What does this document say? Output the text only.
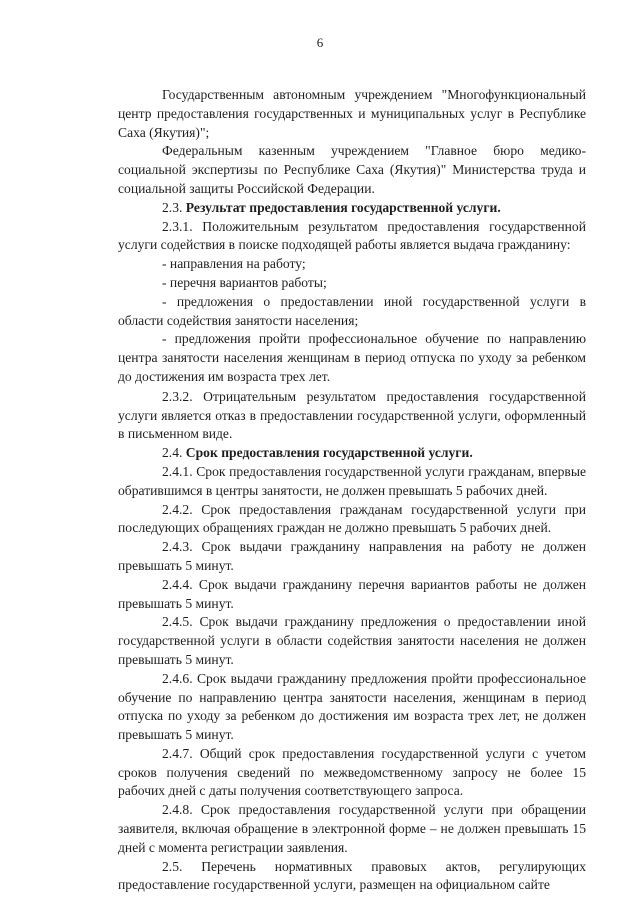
6

Государственным автономным учреждением "Многофункциональный центр предоставления государственных и муниципальных услуг в Республике Саха (Якутия)";

Федеральным казенным учреждением "Главное бюро медико-социальной экспертизы по Республике Саха (Якутия)" Министерства труда и социальной защиты Российской Федерации.

2.3. Результат предоставления государственной услуги.

2.3.1. Положительным результатом предоставления государственной услуги содействия в поиске подходящей работы является выдача гражданину:

- направления на работу;

- перечня вариантов работы;

- предложения о предоставлении иной государственной услуги в области содействия занятости населения;

- предложения пройти профессиональное обучение по направлению центра занятости населения женщинам в период отпуска по уходу за ребенком до достижения им возраста трех лет.

2.3.2. Отрицательным результатом предоставления государственной услуги является отказ в предоставлении государственной услуги, оформленный в письменном виде.

2.4. Срок предоставления государственной услуги.

2.4.1. Срок предоставления государственной услуги гражданам, впервые обратившимся в центры занятости, не должен превышать 5 рабочих дней.

2.4.2. Срок предоставления гражданам государственной услуги при последующих обращениях граждан не должно превышать 5 рабочих дней.

2.4.3. Срок выдачи гражданину направления на работу не должен превышать 5 минут.

2.4.4. Срок выдачи гражданину перечня вариантов работы не должен превышать 5 минут.

2.4.5. Срок выдачи гражданину предложения о предоставлении иной государственной услуги в области содействия занятости населения не должен превышать 5 минут.

2.4.6. Срок выдачи гражданину предложения пройти профессиональное обучение по направлению центра занятости населения, женщинам в период отпуска по уходу за ребенком до достижения им возраста трех лет, не должен превышать 5 минут.

2.4.7. Общий срок предоставления государственной услуги с учетом сроков получения сведений по межведомственному запросу не более 15 рабочих дней с даты получения соответствующего запроса.

2.4.8. Срок предоставления государственной услуги при обращении заявителя, включая обращение в электронной форме – не должен превышать 15 дней с момента регистрации заявления.

2.5. Перечень нормативных правовых актов, регулирующих предоставление государственной услуги, размещен на официальном сайте
